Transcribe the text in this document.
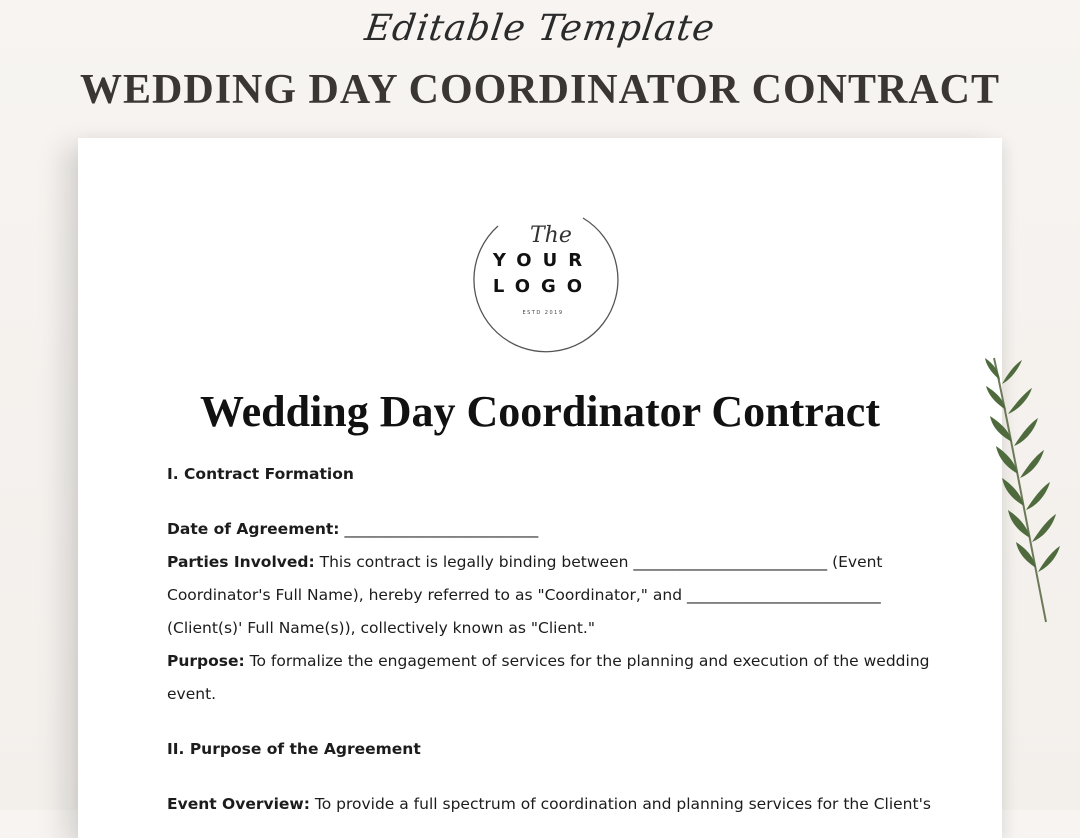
Editable Template
WEDDING DAY COORDINATOR CONTRACT
The
YOUR
LOGO
ESTD 2019
Wedding Day Coordinator Contract
I. Contract Formation
Date of Agreement: _________________________
Parties Involved: This contract is legally binding between _________________________ (Event
Coordinator's Full Name), hereby referred to as "Coordinator," and _________________________
(Client(s)' Full Name(s)), collectively known as "Client."
Purpose: To formalize the engagement of services for the planning and execution of the wedding
event.
II. Purpose of the Agreement
Event Overview: To provide a full spectrum of coordination and planning services for the Client's
